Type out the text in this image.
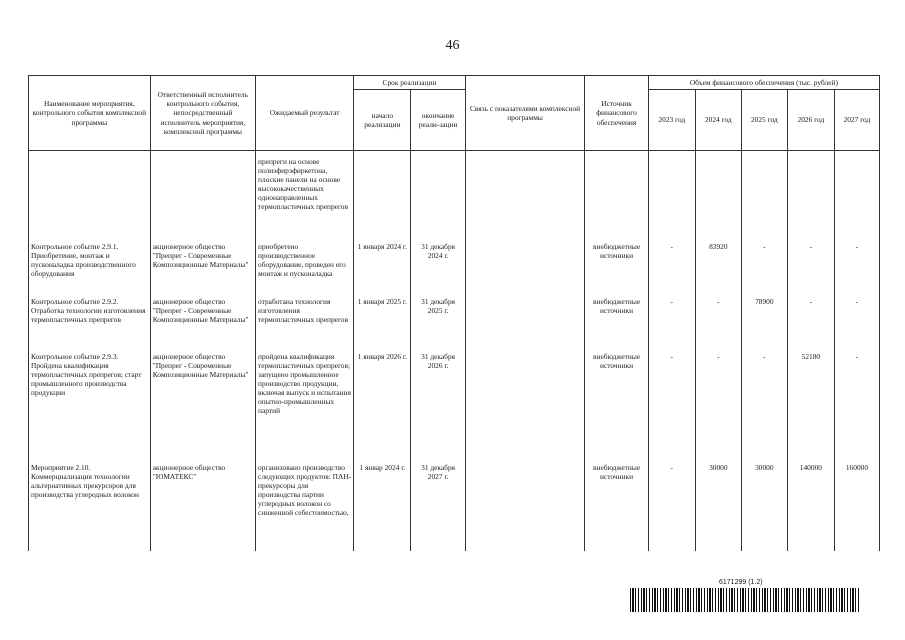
46
Наименование мероприятия, контрольного события комплексной программы	Ответственный исполнитель контрольного события, непосредственный исполнитель мероприятия, комплексной программы	Ожидаемый результат	Срок реализации		Связь с показателями комплексной программы	Источник финансового обеспечения	Объем финансового обеспечения (тыс. рублей)				
			начало реализации	окончание реали-зации			2023 год	2024 год	2025 год	2026 год	2027 год

		препреги на основе полиэфирэфиркетона, плоские панели на основе высококачественных однонаправленных термопластичных препрегов									
Контрольное событие 2.9.1. Приобретение, монтаж и пусконаладка производственного оборудования	акционерное общество "Препрег - Современные Композиционные Материалы"	приобретено производственное оборудование, проведен его монтаж и пусконаладка	1 января 2024 г.	31 декабря 2024 г.		внебюджетные источники	-	83920	-	-	-
Контрольное событие 2.9.2. Отработка технологии изготовления термопластичных препрегов	акционерное общество "Препрег - Современные Композиционные Материалы"	отработана технология изготовления термопластичных препрегов	1 января 2025 г.	31 декабря 2025 г.		внебюджетные источники	-	-	78900	-	-
Контрольное событие 2.9.3. Пройдена квалификация термопластичных препрегов; старт промышленного производства продукции	акционерное общество "Препрег - Современные Композиционные Материалы"	пройдена квалификация термопластичных препрегов; запущено промышленное производство продукции, включая выпуск и испытания опытно-промышленных партий	1 января 2026 г.	31 декабря 2026 г.		внебюджетные источники	-	-	-	52180	-
Мероприятие 2.10. Коммерциализация технологии альтернативных прекурсоров для производства углеродных волокон	акционерное общество "ЮМАТЕКС"	организовано производство следующих продуктов: ПАН-прекурсоры для производства партии углеродных волокон со сниженной себестоимостью,	1 январ 2024 г.	31 декабря 2027 г.		внебюджетные источники	-	30000	30000	140000	160000
6171299 (1.2)
